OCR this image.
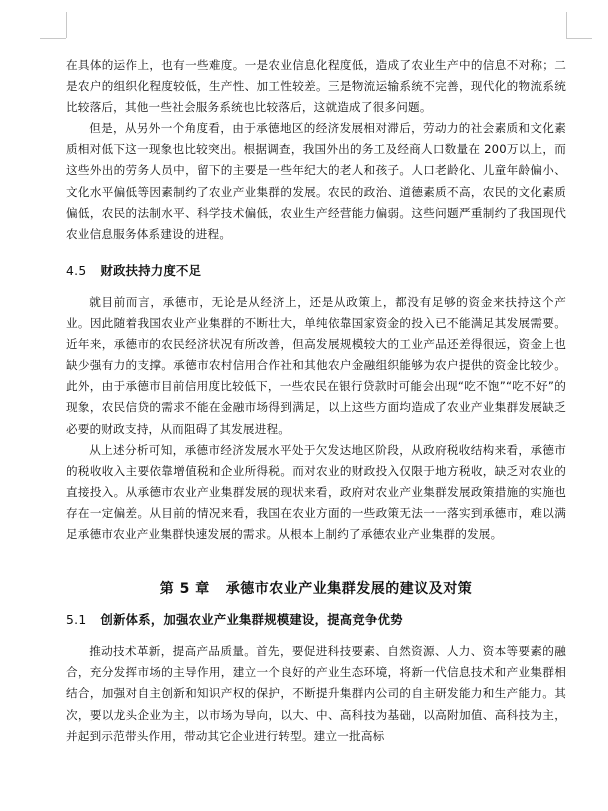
在具体的运作上，也有一些难度。一是农业信息化程度低，造成了农业生产中的信息不对称；二是农户的组织化程度较低，生产性、加工性较差。三是物流运输系统不完善，现代化的物流系统比较落后，其他一些社会服务系统也比较落后，这就造成了很多问题。

但是，从另外一个角度看，由于承德地区的经济发展相对滞后，劳动力的社会素质和文化素质相对低下这一现象也比较突出。根据调查，我国外出的务工及经商人口数量在 200万以上，而这些外出的劳务人员中，留下的主要是一些年纪大的老人和孩子。人口老龄化、儿童年龄偏小、文化水平偏低等因素制约了农业产业集群的发展。农民的政治、道德素质不高，农民的文化素质偏低，农民的法制水平、科学技术偏低，农业生产经营能力偏弱。这些问题严重制约了我国现代农业信息服务体系建设的进程。

4.5 财政扶持力度不足

就目前而言，承德市，无论是从经济上，还是从政策上，都没有足够的资金来扶持这个产业。因此随着我国农业产业集群的不断壮大，单纯依靠国家资金的投入已不能满足其发展需要。近年来，承德市的农民经济状况有所改善，但高发展规模较大的工业产品还差得很远，资金上也缺少强有力的支撑。承德市农村信用合作社和其他农户金融组织能够为农户提供的资金比较少。此外，由于承德市目前信用度比较低下，一些农民在银行贷款时可能会出现“吃不饱”“吃不好”的现象，农民信贷的需求不能在金融市场得到满足，以上这些方面均造成了农业产业集群发展缺乏必要的财政支持，从而阻碍了其发展进程。

从上述分析可知，承德市经济发展水平处于欠发达地区阶段，从政府税收结构来看，承德市的税收收入主要依靠增值税和企业所得税。而对农业的财政投入仅限于地方税收，缺乏对农业的直接投入。从承德市农业产业集群发展的现状来看，政府对农业产业集群发展政策措施的实施也存在一定偏差。从目前的情况来看，我国在农业方面的一些政策无法一一落实到承德市，难以满足承德市农业产业集群快速发展的需求。从根本上制约了承德农业产业集群的发展。

第 5 章 承德市农业产业集群发展的建议及对策
5.1 创新体系，加强农业产业集群规模建设，提高竞争优势

推动技术革新，提高产品质量。首先，要促进科技要素、自然资源、人力、资本等要素的融合，充分发挥市场的主导作用，建立一个良好的产业生态环境，将新一代信息技术和产业集群相结合，加强对自主创新和知识产权的保护，不断提升集群内公司的自主研发能力和生产能力。其次，要以龙头企业为主，以市场为导向，以大、中、高科技为基础，以高附加值、高科技为主，并起到示范带头作用，带动其它企业进行转型。建立一批高标
